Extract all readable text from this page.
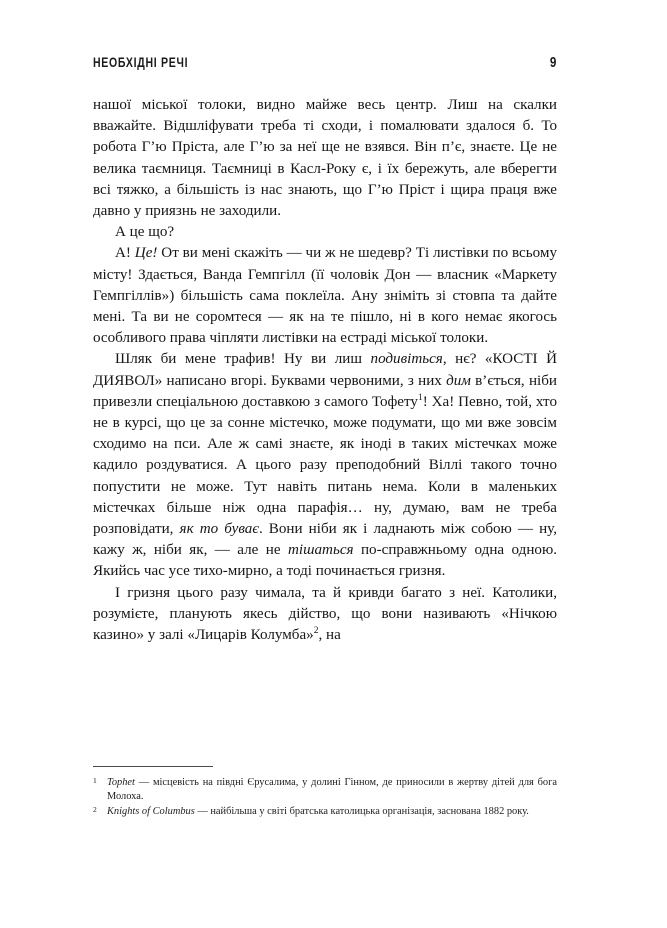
НЕОБХІДНІ РЕЧІ	9

нашої міської толоки, видно майже весь центр. Лиш на скалки вважайте. Відшліфувати треба ті сходи, і помалювати здалося б. То робота Г’ю Пріста, але Г’ю за неї ще не взявся. Він п’є, знаєте. Це не велика таємниця. Таємниці в Касл-Року є, і їх бережуть, але вберегти всі тяжко, а більшість із нас знають, що Г’ю Пріст і щира праця вже давно у приязнь не заходили.

А це що?

А! Це! От ви мені скажіть — чи ж не шедевр? Ті листівки по всьому місту! Здається, Ванда Гемпгілл (її чоловік Дон — власник «Маркету Гемпгіллів») більшість сама поклеїла. Ану зніміть зі стовпа та дайте мені. Та ви не соромтеся — як на те пішло, ні в кого немає якогось особливого права чіпляти листівки на естраді міської толоки.

Шляк би мене трафив! Ну ви лиш подивіться, нє? «КОСТІ Й ДИЯВОЛ» написано вгорі. Буквами червоними, з них дим в’ється, ніби привезли спеціальною доставкою з самого Тофету$^1$! Ха! Певно, той, хто не в курсі, що це за сонне містечко, може подумати, що ми вже зовсім сходимо на пси. Але ж самі знаєте, як іноді в таких містечках може кадило роздуватися. А цього разу преподобний Віллі такого точно попустити не може. Тут навіть питань нема. Коли в маленьких містечках більше ніж одна парафія… ну, думаю, вам не треба розповідати, як то буває. Вони ніби як і ладнають між собою — ну, кажу ж, ніби як, — але не тішаться по-справжньому одна одною. Якийсь час усе тихо-мирно, а тоді починається гризня.

І гризня цього разу чимала, та й кривди багато з неї. Католики, розумієте, планують якесь дійство, що вони називають «Нічкою казино» у залі «Лицарів Колумба»$^2$, на

1 Tophet — місцевість на півдні Єрусалима, у долині Гінном, де приносили в жертву дітей для бога Молоха.
2 Knights of Columbus — найбільша у світі братська католицька організація, заснована 1882 року.
